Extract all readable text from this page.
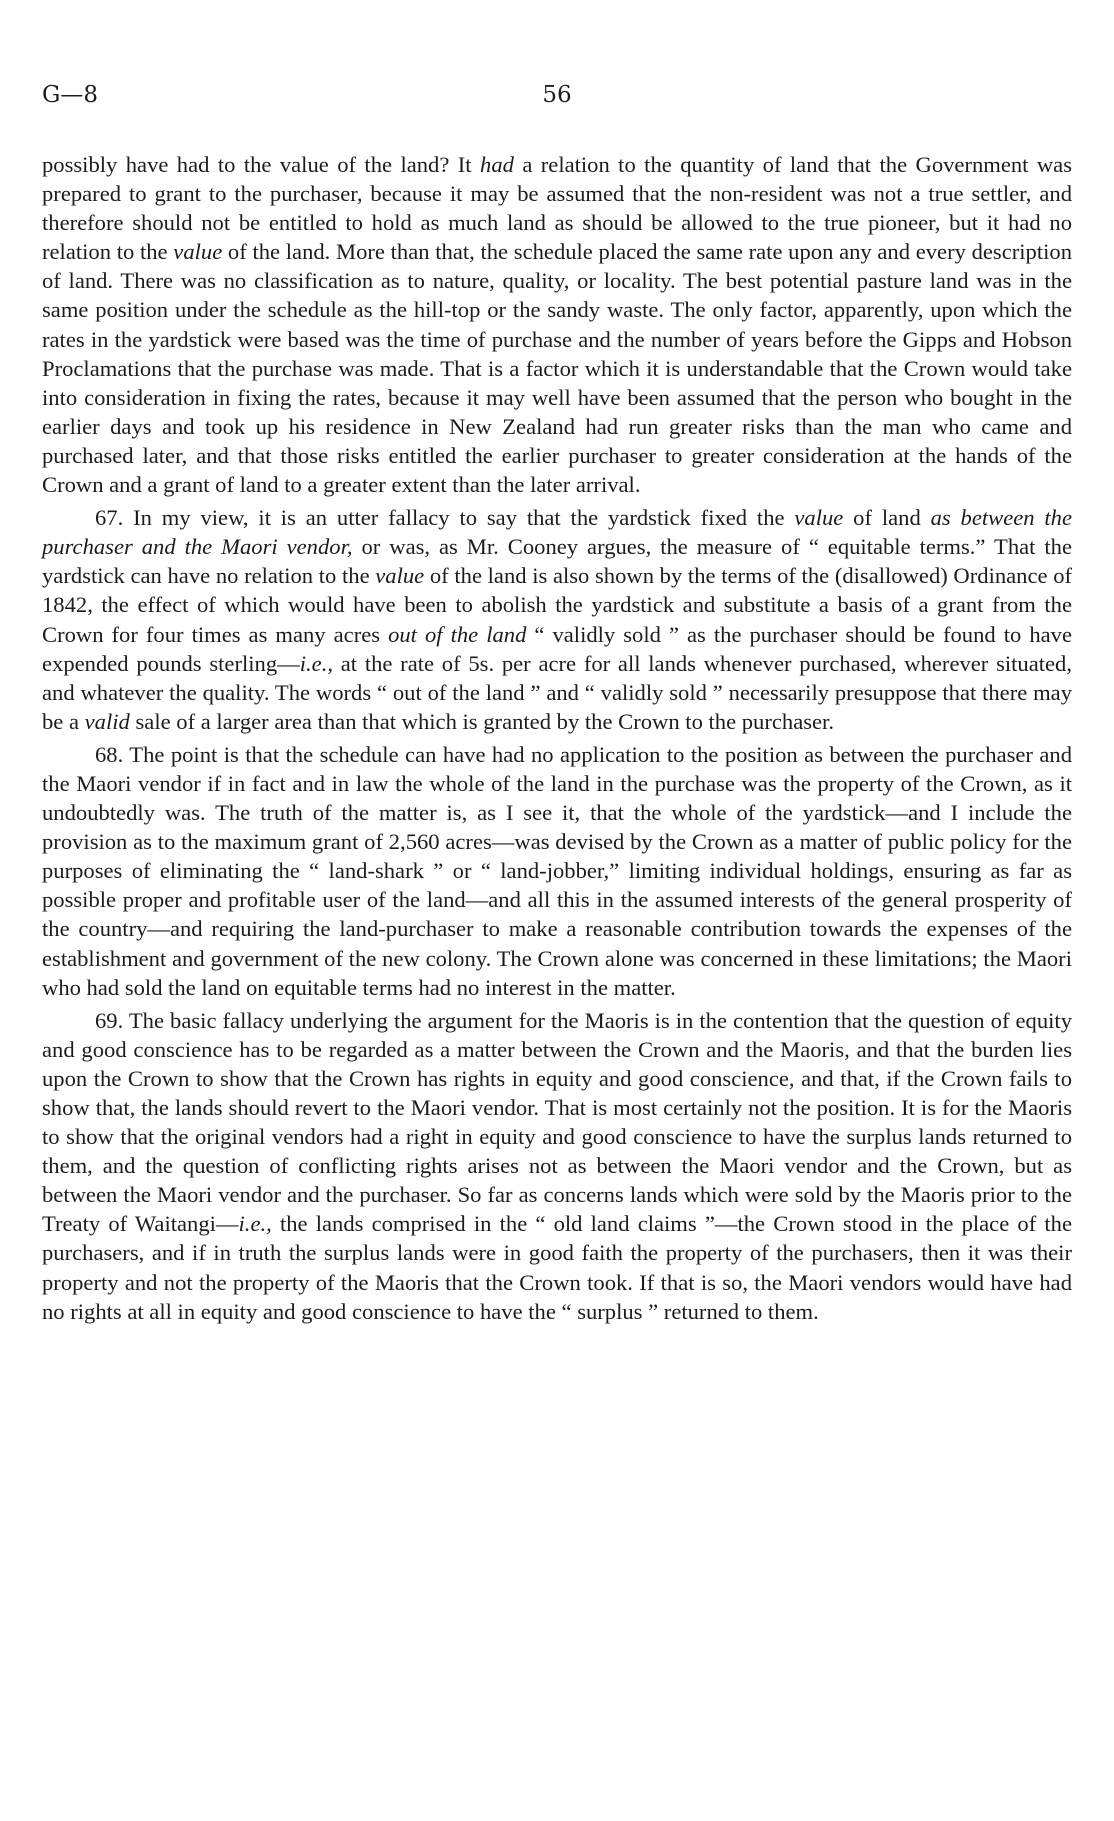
G—8	56

possibly have had to the value of the land? It had a relation to the quantity of land that the Government was prepared to grant to the purchaser, because it may be assumed that the non-resident was not a true settler, and therefore should not be entitled to hold as much land as should be allowed to the true pioneer, but it had no relation to the value of the land. More than that, the schedule placed the same rate upon any and every description of land. There was no classification as to nature, quality, or locality. The best potential pasture land was in the same position under the schedule as the hill-top or the sandy waste. The only factor, apparently, upon which the rates in the yardstick were based was the time of purchase and the number of years before the Gipps and Hobson Proclamations that the purchase was made. That is a factor which it is understandable that the Crown would take into consideration in fixing the rates, because it may well have been assumed that the person who bought in the earlier days and took up his residence in New Zealand had run greater risks than the man who came and purchased later, and that those risks entitled the earlier purchaser to greater consideration at the hands of the Crown and a grant of land to a greater extent than the later arrival.

67. In my view, it is an utter fallacy to say that the yardstick fixed the value of land as between the purchaser and the Maori vendor, or was, as Mr. Cooney argues, the measure of “ equitable terms.” That the yardstick can have no relation to the value of the land is also shown by the terms of the (disallowed) Ordinance of 1842, the effect of which would have been to abolish the yardstick and substitute a basis of a grant from the Crown for four times as many acres out of the land “ validly sold ” as the purchaser should be found to have expended pounds sterling—i.e., at the rate of 5s. per acre for all lands whenever purchased, wherever situated, and whatever the quality. The words “ out of the land ” and “ validly sold ” necessarily presuppose that there may be a valid sale of a larger area than that which is granted by the Crown to the purchaser.

68. The point is that the schedule can have had no application to the position as between the purchaser and the Maori vendor if in fact and in law the whole of the land in the purchase was the property of the Crown, as it undoubtedly was. The truth of the matter is, as I see it, that the whole of the yardstick—and I include the provision as to the maximum grant of 2,560 acres—was devised by the Crown as a matter of public policy for the purposes of eliminating the “ land-shark ” or “ land-jobber,” limiting individual holdings, ensuring as far as possible proper and profitable user of the land—and all this in the assumed interests of the general prosperity of the country—and requiring the land-purchaser to make a reasonable contribution towards the expenses of the establishment and government of the new colony. The Crown alone was concerned in these limitations; the Maori who had sold the land on equitable terms had no interest in the matter.

69. The basic fallacy underlying the argument for the Maoris is in the contention that the question of equity and good conscience has to be regarded as a matter between the Crown and the Maoris, and that the burden lies upon the Crown to show that the Crown has rights in equity and good conscience, and that, if the Crown fails to show that, the lands should revert to the Maori vendor. That is most certainly not the position. It is for the Maoris to show that the original vendors had a right in equity and good conscience to have the surplus lands returned to them, and the question of conflicting rights arises not as between the Maori vendor and the Crown, but as between the Maori vendor and the purchaser. So far as concerns lands which were sold by the Maoris prior to the Treaty of Waitangi—i.e., the lands comprised in the “ old land claims ”—the Crown stood in the place of the purchasers, and if in truth the surplus lands were in good faith the property of the purchasers, then it was their property and not the property of the Maoris that the Crown took. If that is so, the Maori vendors would have had no rights at all in equity and good conscience to have the “ surplus ” returned to them.
